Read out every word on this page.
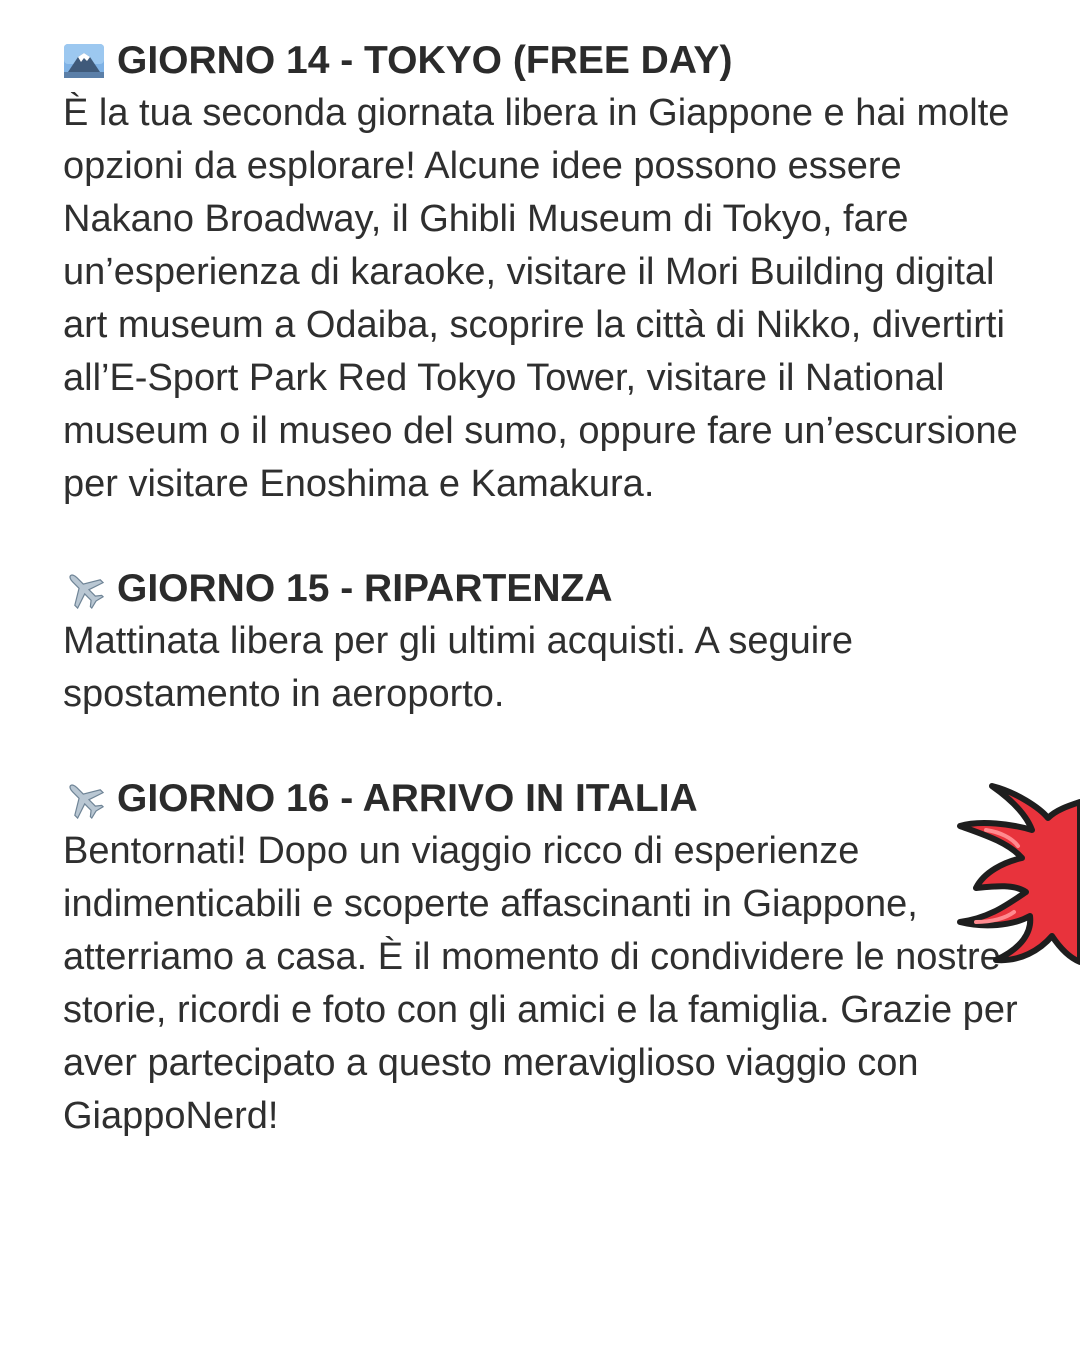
GIORNO 14 - TOKYO (FREE DAY)

È la tua seconda giornata libera in Giappone e hai molte opzioni da esplorare! Alcune idee possono essere Nakano Broadway, il Ghibli Museum di Tokyo, fare un’esperienza di karaoke, visitare il Mori Building digital art museum a Odaiba, scoprire la città di Nikko, divertirti all’E-Sport Park Red Tokyo Tower, visitare il National museum o il museo del sumo, oppure fare un’escursione per visitare Enoshima e Kamakura.

GIORNO 15 - RIPARTENZA

Mattinata libera per gli ultimi acquisti. A seguire spostamento in aeroporto.

GIORNO 16 - ARRIVO IN ITALIA

Bentornati! Dopo un viaggio ricco di esperienze indimenticabili e scoperte affascinanti in Giappone, atterriamo a casa. È il momento di condividere le nostre storie, ricordi e foto con gli amici e la famiglia. Grazie per aver partecipato a questo meraviglioso viaggio con GiappoNerd!
